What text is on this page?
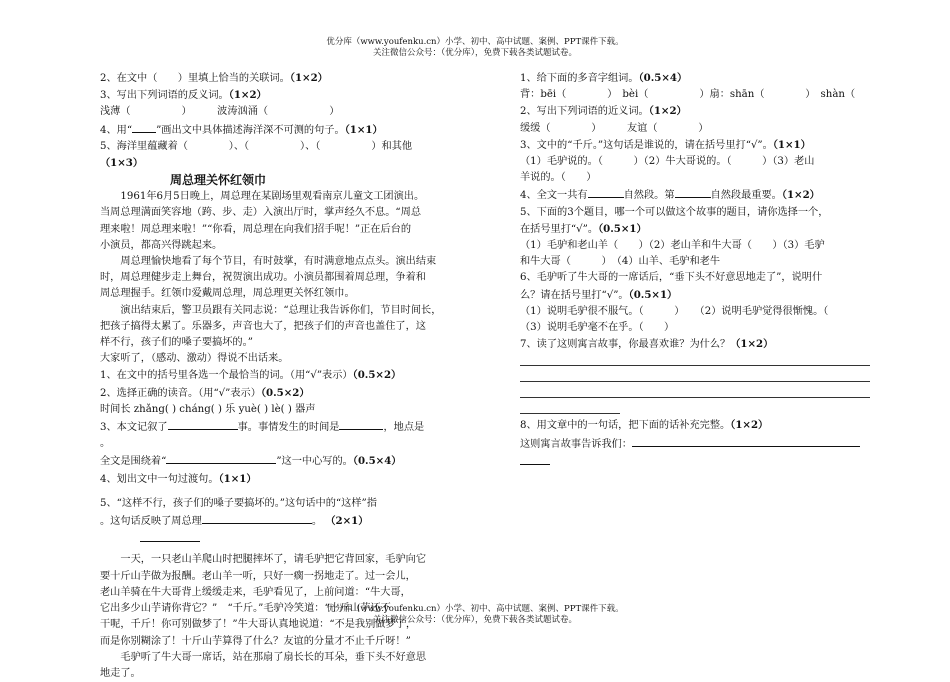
优分库（www.youfenku.cn）小学、初中、高中试题、案例、PPT课件下载。
关注微信公众号：（优分库），免费下载各类试题试卷。
2、在文中（　　）里填上恰当的关联词。（1×2）
3、写出下列词语的反义词。（1×2）
浅薄（　　　　　）　　　波涛汹涌（　　　　　　）
4、用“ ”画出文中具体描述海洋深不可测的句子。（1×1）
5、海洋里蕴藏着（　　　　）、（　　　　　）、（　　　　　）和其他
（1×3）
周总理关怀红领巾
1961年6月5日晚上，周总理在某剧场里观看南京儿童文工团演出。
当周总理满面笑容地（跨、步、走）入演出厅时，掌声经久不息。“周总
理来啦！周总理来啦！”“你看，周总理在向我们招手呢！”正在后台的
小演员，都高兴得跳起来。
周总理愉快地看了每个节目，有时鼓掌，有时满意地点点头。演出结束
时，周总理健步走上舞台，祝贺演出成功。小演员都围着周总理，争着和
周总理握手。红领巾爱戴周总理，周总理更关怀红领巾。
演出结束后，警卫员跟有关同志说：“总理让我告诉你们，节目时间长，
把孩子搞得太累了。乐器多，声音也大了，把孩子们的声音也盖住了，这
样不行，孩子们的嗓子要搞坏的。”
大家听了，（感动、激动）得说不出话来。
1、在文中的括号里各选一个最恰当的词。（用“√”表示）（0.5×2）
2、选择正确的读音。（用“√”表示）（0.5×2）
时间长 zhǎng( ) cháng( ) 乐 yuè( ) lè( ) 器声
3、本文记叙了	事。事情发生的时间是	，地点是
。
全文是围绕着“	”这一中心写的。（0.5×4）
4、划出文中一句过渡句。（1×1）
5、“这样不行，孩子们的嗓子要搞坏的。”这句话中的“这样”指
。这句话反映了周总理	。 （2×1）
一天，一只老山羊爬山时把腿摔坏了，请毛驴把它背回家，毛驴向它
要十斤山芋做为报酬。老山羊一听，只好一瘸一拐地走了。过一会儿，
老山羊骑在牛大哥背上缓缓走来，毛驴看见了，上前问道：“牛大哥，
它出多少山芋请你背它？”　“千斤。”毛驴冷笑道：“十斤山芋还不
干呢，千斤！你可别做梦了！”牛大哥认真地说道：“不是我别做梦了，
而是你别糊涂了！十斤山芋算得了什么？友谊的分量才不止千斤呀！”
毛驴听了牛大哥一席话，站在那扇了扇长长的耳朵，垂下头不好意思
地走了。
1、给下面的多音字组词。（0.5×4）
背：bēi（　　　　）　bèi（　　　　　）扇：shān（　　　　）　shàn（
2、写出下列词语的近义词。（1×2）
缓缓（　　　　）　　　友谊（　　　　）
3、文中的“千斤。”这句话是谁说的，请在括号里打“√”。（1×1）
（1）毛驴说的。（　　　）（2）牛大哥说的。（　　　）（3）老山
羊说的。（　　）
4、全文一共有	自然段。第	自然段最重要。（1×2）
5、下面的3个题目，哪一个可以做这个故事的题目，请你选择一个，
在括号里打“√”。（0.5×1）
（1）毛驴和老山羊（　　）（2）老山羊和牛大哥（　　）（3）毛驴
和牛大哥（　　　）　（4）山羊、毛驴和老牛
6、毛驴听了牛大哥的一席话后，“垂下头不好意思地走了”，说明什
么？请在括号里打“√”。（0.5×1）
（1）说明毛驴很不服气。（　　　）　　（2）说明毛驴觉得很惭愧。（
（3）说明毛驴毫不在乎。（　　）
7、读了这则寓言故事，你最喜欢谁？为什么？（1×2）
8、用文章中的一句话，把下面的话补充完整。（1×2）
这则寓言故事告诉我们：
优分库（www.youfenku.cn）小学、初中、高中试题、案例、PPT课件下载。
关注微信公众号：（优分库），免费下载各类试题试卷。
